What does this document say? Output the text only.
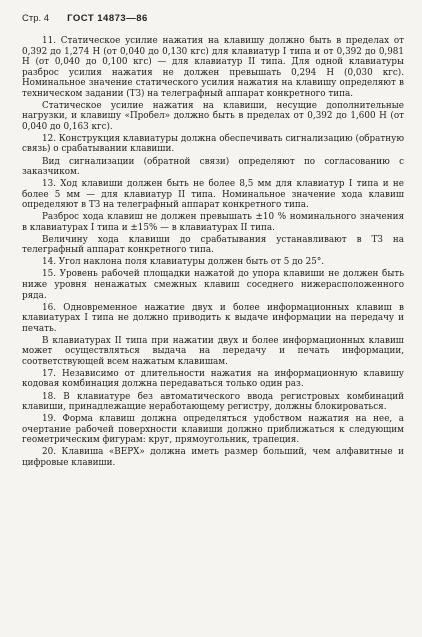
Стр. 4 ГОСТ 14873—86

11. Статическое усилие нажатия на клавишу должно быть в пределах от 0,392 до 1,274 Н (от 0,040 до 0,130 кгс) для клавиатур I типа и от 0,392 до 0,981 Н (от 0,040 до 0,100 кгс) — для клавиатур II типа. Для одной клавиатуры разброс усилия нажатия не должен превышать 0,294 Н (0,030 кгс). Номинальное значение статического усилия нажатия на клавишу определяют в техническом задании (ТЗ) на телеграфный аппарат конкретного типа.

Статическое усилие нажатия на клавиши, несущие дополнительные нагрузки, и клавишу «Пробел» должно быть в пределах от 0,392 до 1,600 Н (от 0,040 до 0,163 кгс).

12. Конструкция клавиатуры должна обеспечивать сигнализацию (обратную связь) о срабатывании клавиши.

Вид сигнализации (обратной связи) определяют по согласованию с заказчиком.

13. Ход клавиши должен быть не более 8,5 мм для клавиатур I типа и не более 5 мм — для клавиатур II типа. Номинальное значение хода клавиш определяют в ТЗ на телеграфный аппарат конкретного типа.

Разброс хода клавиш не должен превышать ±10 % номинального значения в клавиатурах I типа и ±15% — в клавиатурах II типа.

Величину хода клавиши до срабатывания устанавливают в ТЗ на телеграфный аппарат конкретного типа.

14. Угол наклона поля клавиатуры должен быть от 5 до 25°.

15. Уровень рабочей площадки нажатой до упора клавиши не должен быть ниже уровня ненажатых смежных клавиш соседнего нижерасположенного ряда.

16. Одновременное нажатие двух и более информационных клавиш в клавиатурах I типа не должно приводить к выдаче информации на передачу и печать.

В клавиатурах II типа при нажатии двух и более информационных клавиш может осуществляться выдача на передачу и печать информации, соответствующей всем нажатым клавишам.

17. Независимо от длительности нажатия на информационную клавишу кодовая комбинация должна передаваться только один раз.

18. В клавиатуре без автоматического ввода регистровых комбинаций клавиши, принадлежащие неработающему регистру, должны блокироваться.

19. Форма клавиш должна определяться удобством нажатия на нее, а очертание рабочей поверхности клавиши должно приближаться к следующим геометрическим фигурам: круг, прямоугольник, трапеция.

20. Клавиша «ВЕРХ» должна иметь размер больший, чем алфавитные и цифровые клавиши.
